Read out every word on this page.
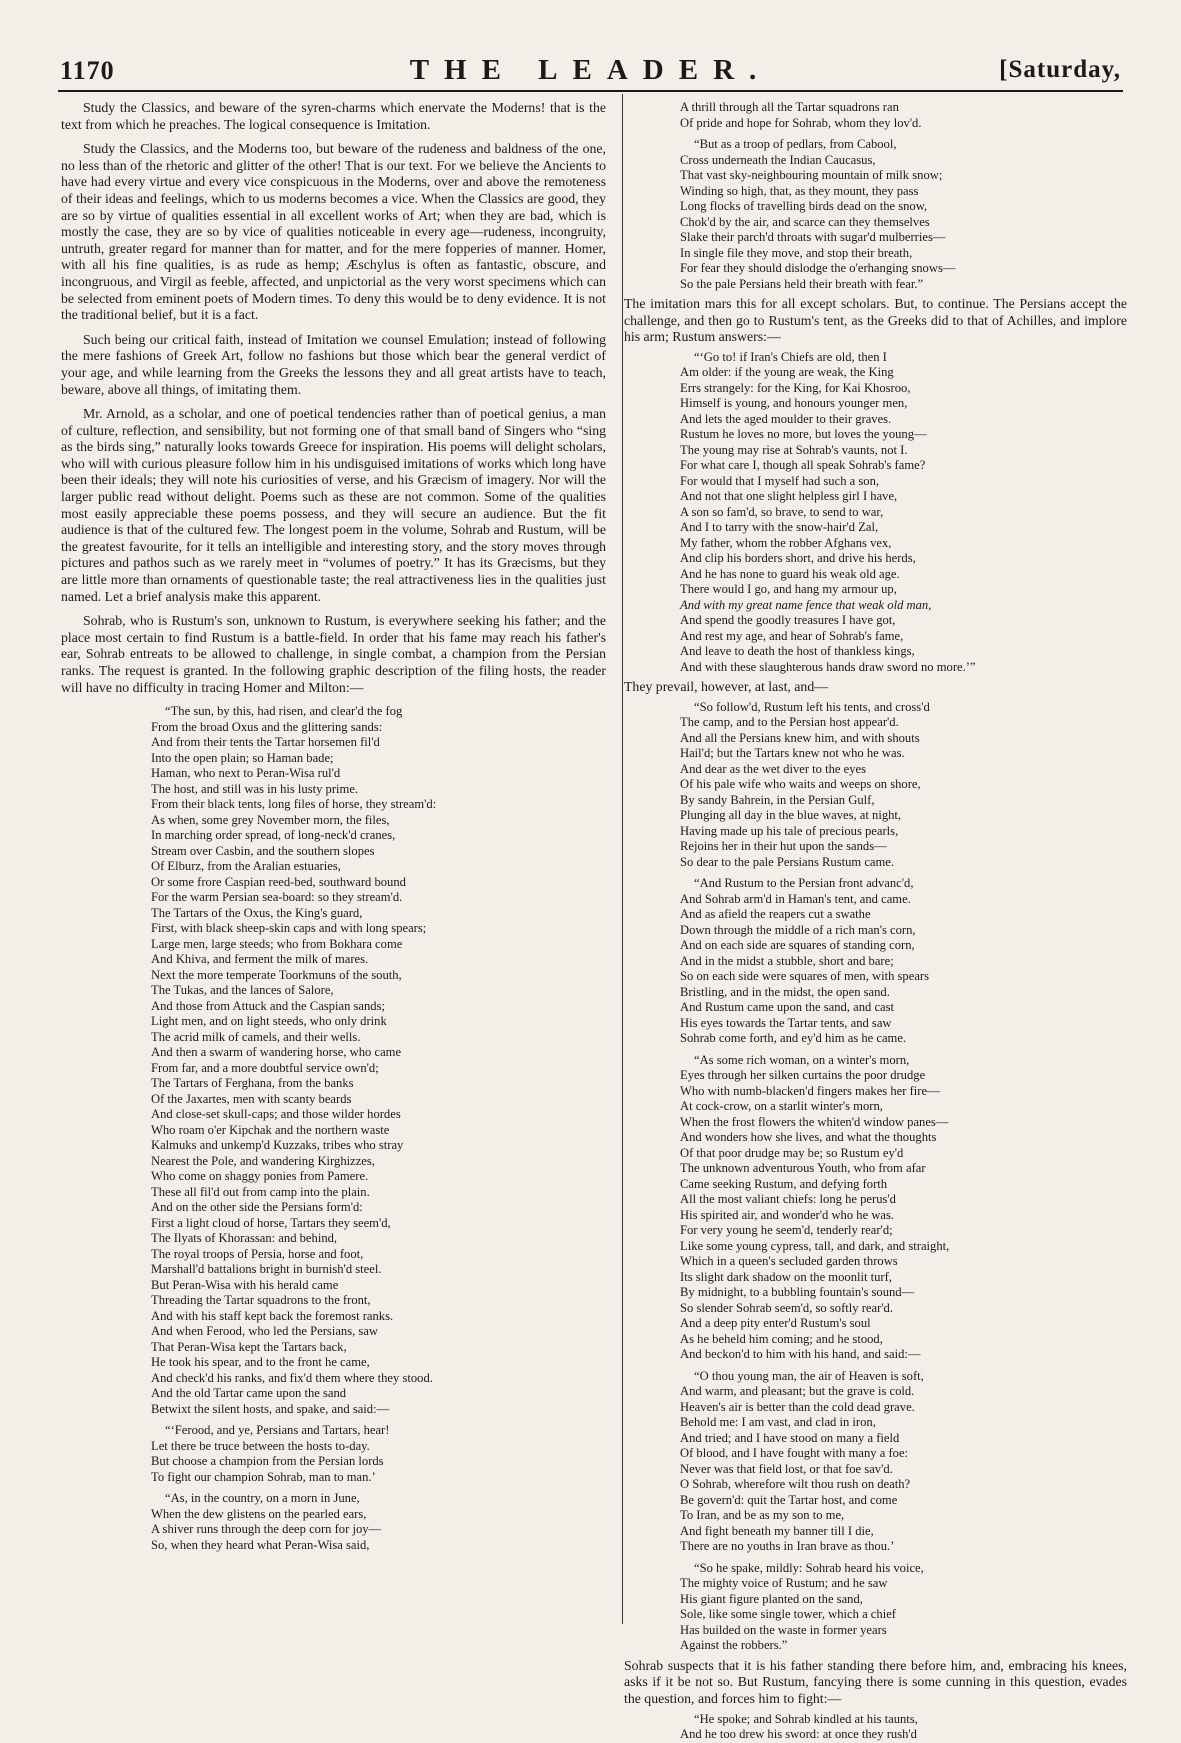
1170	THE LEADER.	[Saturday,

Study the Classics, and beware of the syren-charms which enervate the Moderns! that is the text from which he preaches. The logical consequence is Imitation.

Study the Classics, and the Moderns too, but beware of the rudeness and baldness of the one, no less than of the rhetoric and glitter of the other! That is our text. For we believe the Ancients to have had every virtue and every vice conspicuous in the Moderns, over and above the remoteness of their ideas and feelings, which to us moderns becomes a vice. When the Classics are good, they are so by virtue of qualities essential in all excellent works of Art; when they are bad, which is mostly the case, they are so by vice of qualities noticeable in every age—rudeness, incongruity, untruth, greater regard for manner than for matter, and for the mere fopperies of manner. Homer, with all his fine qualities, is as rude as hemp; Æschylus is often as fantastic, obscure, and incongruous, and Virgil as feeble, affected, and unpictorial as the very worst specimens which can be selected from eminent poets of Modern times. To deny this would be to deny evidence. It is not the traditional belief, but it is a fact.

Such being our critical faith, instead of Imitation we counsel Emulation; instead of following the mere fashions of Greek Art, follow no fashions but those which bear the general verdict of your age, and while learning from the Greeks the lessons they and all great artists have to teach, beware, above all things, of imitating them.

Mr. Arnold, as a scholar, and one of poetical tendencies rather than of poetical genius, a man of culture, reflection, and sensibility, but not forming one of that small band of Singers who “sing as the birds sing,” naturally looks towards Greece for inspiration. His poems will delight scholars, who will with curious pleasure follow him in his undisguised imitations of works which long have been their ideals; they will note his curiosities of verse, and his Græcism of imagery. Nor will the larger public read without delight. Poems such as these are not common. Some of the qualities most easily appreciable these poems possess, and they will secure an audience. But the fit audience is that of the cultured few. The longest poem in the volume, Sohrab and Rustum, will be the greatest favourite, for it tells an intelligible and interesting story, and the story moves through pictures and pathos such as we rarely meet in “volumes of poetry.” It has its Græcisms, but they are little more than ornaments of questionable taste; the real attractiveness lies in the qualities just named. Let a brief analysis make this apparent.

Sohrab, who is Rustum's son, unknown to Rustum, is everywhere seeking his father; and the place most certain to find Rustum is a battle-field. In order that his fame may reach his father's ear, Sohrab entreats to be allowed to challenge, in single combat, a champion from the Persian ranks. The request is granted. In the following graphic description of the filing hosts, the reader will have no difficulty in tracing Homer and Milton:—

“The sun, by this, had risen, and clear'd the fog
From the broad Oxus and the glittering sands:
And from their tents the Tartar horsemen fil'd
Into the open plain; so Haman bade;
Haman, who next to Peran-Wisa rul'd
The host, and still was in his lusty prime.
From their black tents, long files of horse, they stream'd:
As when, some grey November morn, the files,
In marching order spread, of long-neck'd cranes,
Stream over Casbin, and the southern slopes
Of Elburz, from the Aralian estuaries,
Or some frore Caspian reed-bed, southward bound
For the warm Persian sea-board: so they stream'd.
The Tartars of the Oxus, the King's guard,
First, with black sheep-skin caps and with long spears;
Large men, large steeds; who from Bokhara come
And Khiva, and ferment the milk of mares.
Next the more temperate Toorkmuns of the south,
The Tukas, and the lances of Salore,
And those from Attuck and the Caspian sands;
Light men, and on light steeds, who only drink
The acrid milk of camels, and their wells.
And then a swarm of wandering horse, who came
From far, and a more doubtful service own'd;
The Tartars of Ferghana, from the banks
Of the Jaxartes, men with scanty beards
And close-set skull-caps; and those wilder hordes
Who roam o'er Kipchak and the northern waste
Kalmuks and unkemp'd Kuzzaks, tribes who stray
Nearest the Pole, and wandering Kirghizzes,
Who come on shaggy ponies from Pamere.
These all fil'd out from camp into the plain.
And on the other side the Persians form'd:
First a light cloud of horse, Tartars they seem'd,
The Ilyats of Khorassan: and behind,
The royal troops of Persia, horse and foot,
Marshall'd battalions bright in burnish'd steel.
But Peran-Wisa with his herald came
Threading the Tartar squadrons to the front,
And with his staff kept back the foremost ranks.
And when Ferood, who led the Persians, saw
That Peran-Wisa kept the Tartars back,
He took his spear, and to the front he came,
And check'd his ranks, and fix'd them where they stood.
And the old Tartar came upon the sand
Betwixt the silent hosts, and spake, and said:—
“‘Ferood, and ye, Persians and Tartars, hear!
Let there be truce between the hosts to-day.
But choose a champion from the Persian lords
To fight our champion Sohrab, man to man.’
“As, in the country, on a morn in June,
When the dew glistens on the pearled ears,
A shiver runs through the deep corn for joy—
So, when they heard what Peran-Wisa said,
A thrill through all the Tartar squadrons ran
Of pride and hope for Sohrab, whom they lov'd.
“But as a troop of pedlars, from Cabool,
Cross underneath the Indian Caucasus,
That vast sky-neighbouring mountain of milk snow;
Winding so high, that, as they mount, they pass
Long flocks of travelling birds dead on the snow,
Chok'd by the air, and scarce can they themselves
Slake their parch'd throats with sugar'd mulberries—
In single file they move, and stop their breath,
For fear they should dislodge the o'erhanging snows—
So the pale Persians held their breath with fear.”

The imitation mars this for all except scholars. But, to continue. The Persians accept the challenge, and then go to Rustum's tent, as the Greeks did to that of Achilles, and implore his arm; Rustum answers:—

“‘Go to! if Iran's Chiefs are old, then I
Am older: if the young are weak, the King
Errs strangely: for the King, for Kai Khosroo,
Himself is young, and honours younger men,
And lets the aged moulder to their graves.
Rustum he loves no more, but loves the young—
The young may rise at Sohrab's vaunts, not I.
For what care I, though all speak Sohrab's fame?
For would that I myself had such a son,
And not that one slight helpless girl I have,
A son so fam'd, so brave, to send to war,
And I to tarry with the snow-hair'd Zal,
My father, whom the robber Afghans vex,
And clip his borders short, and drive his herds,
And he has none to guard his weak old age.
There would I go, and hang my armour up,
And with my great name fence that weak old man,
And spend the goodly treasures I have got,
And rest my age, and hear of Sohrab's fame,
And leave to death the host of thankless kings,
And with these slaughterous hands draw sword no more.’”

They prevail, however, at last, and—

“So follow'd, Rustum left his tents, and cross'd
The camp, and to the Persian host appear'd.
And all the Persians knew him, and with shouts
Hail'd; but the Tartars knew not who he was.
And dear as the wet diver to the eyes
Of his pale wife who waits and weeps on shore,
By sandy Bahrein, in the Persian Gulf,
Plunging all day in the blue waves, at night,
Having made up his tale of precious pearls,
Rejoins her in their hut upon the sands—
So dear to the pale Persians Rustum came.
“And Rustum to the Persian front advanc'd,
And Sohrab arm'd in Haman's tent, and came.
And as afield the reapers cut a swathe
Down through the middle of a rich man's corn,
And on each side are squares of standing corn,
And in the midst a stubble, short and bare;
So on each side were squares of men, with spears
Bristling, and in the midst, the open sand.
And Rustum came upon the sand, and cast
His eyes towards the Tartar tents, and saw
Sohrab come forth, and ey'd him as he came.
“As some rich woman, on a winter's morn,
Eyes through her silken curtains the poor drudge
Who with numb-blacken'd fingers makes her fire—
At cock-crow, on a starlit winter's morn,
When the frost flowers the whiten'd window panes—
And wonders how she lives, and what the thoughts
Of that poor drudge may be; so Rustum ey'd
The unknown adventurous Youth, who from afar
Came seeking Rustum, and defying forth
All the most valiant chiefs: long he perus'd
His spirited air, and wonder'd who he was.
For very young he seem'd, tenderly rear'd;
Like some young cypress, tall, and dark, and straight,
Which in a queen's secluded garden throws
Its slight dark shadow on the moonlit turf,
By midnight, to a bubbling fountain's sound—
So slender Sohrab seem'd, so softly rear'd.
And a deep pity enter'd Rustum's soul
As he beheld him coming; and he stood,
And beckon'd to him with his hand, and said:—
“O thou young man, the air of Heaven is soft,
And warm, and pleasant; but the grave is cold.
Heaven's air is better than the cold dead grave.
Behold me: I am vast, and clad in iron,
And tried; and I have stood on many a field
Of blood, and I have fought with many a foe:
Never was that field lost, or that foe sav'd.
O Sohrab, wherefore wilt thou rush on death?
Be govern'd: quit the Tartar host, and come
To Iran, and be as my son to me,
And fight beneath my banner till I die,
There are no youths in Iran brave as thou.’
“So he spake, mildly: Sohrab heard his voice,
The mighty voice of Rustum; and he saw
His giant figure planted on the sand,
Sole, like some single tower, which a chief
Has builded on the waste in former years
Against the robbers.”

Sohrab suspects that it is his father standing there before him, and, embracing his knees, asks if it be not so. But Rustum, fancying there is some cunning in this question, evades the question, and forces him to fight:—

“He spoke; and Sohrab kindled at his taunts,
And he too drew his sword: at once they rush'd
